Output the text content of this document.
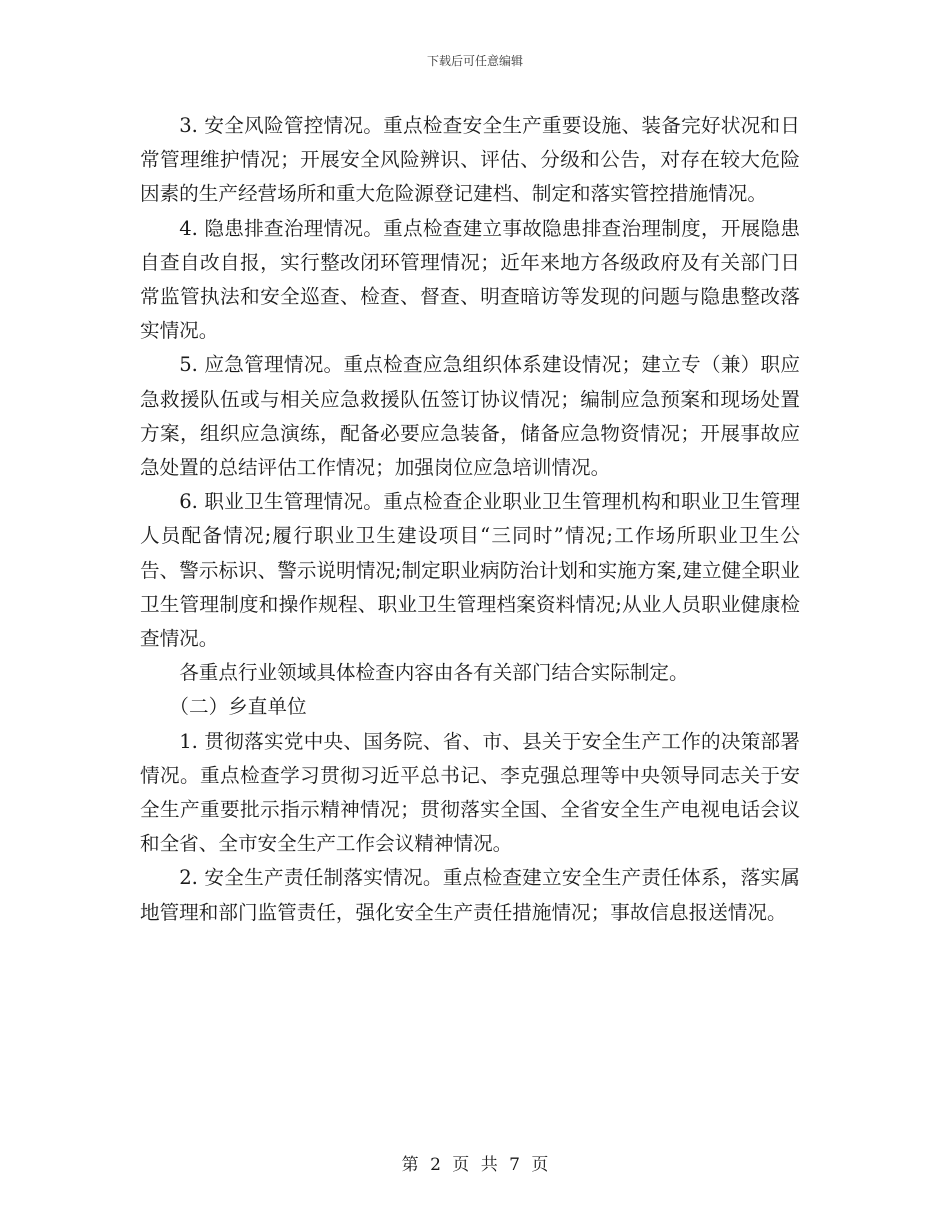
下载后可任意编辑

3. 安全风险管控情况。重点检查安全生产重要设施、装备完好状况和日常管理维护情况；开展安全风险辨识、评估、分级和公告，对存在较大危险因素的生产经营场所和重大危险源登记建档、制定和落实管控措施情况。

4. 隐患排查治理情况。重点检查建立事故隐患排查治理制度，开展隐患自查自改自报，实行整改闭环管理情况；近年来地方各级政府及有关部门日常监管执法和安全巡查、检查、督查、明查暗访等发现的问题与隐患整改落实情况。

5. 应急管理情况。重点检查应急组织体系建设情况；建立专（兼）职应急救援队伍或与相关应急救援队伍签订协议情况；编制应急预案和现场处置方案，组织应急演练，配备必要应急装备，储备应急物资情况；开展事故应急处置的总结评估工作情况；加强岗位应急培训情况。

6. 职业卫生管理情况。重点检查企业职业卫生管理机构和职业卫生管理人员配备情况;履行职业卫生建设项目“三同时”情况;工作场所职业卫生公告、警示标识、警示说明情况;制定职业病防治计划和实施方案,建立健全职业卫生管理制度和操作规程、职业卫生管理档案资料情况;从业人员职业健康检查情况。

各重点行业领域具体检查内容由各有关部门结合实际制定。

（二）乡直单位

1. 贯彻落实党中央、国务院、省、市、县关于安全生产工作的决策部署情况。重点检查学习贯彻习近平总书记、李克强总理等中央领导同志关于安全生产重要批示指示精神情况；贯彻落实全国、全省安全生产电视电话会议和全省、全市安全生产工作会议精神情况。

2. 安全生产责任制落实情况。重点检查建立安全生产责任体系，落实属地管理和部门监管责任，强化安全生产责任措施情况；事故信息报送情况。

第 2 页 共 7 页
